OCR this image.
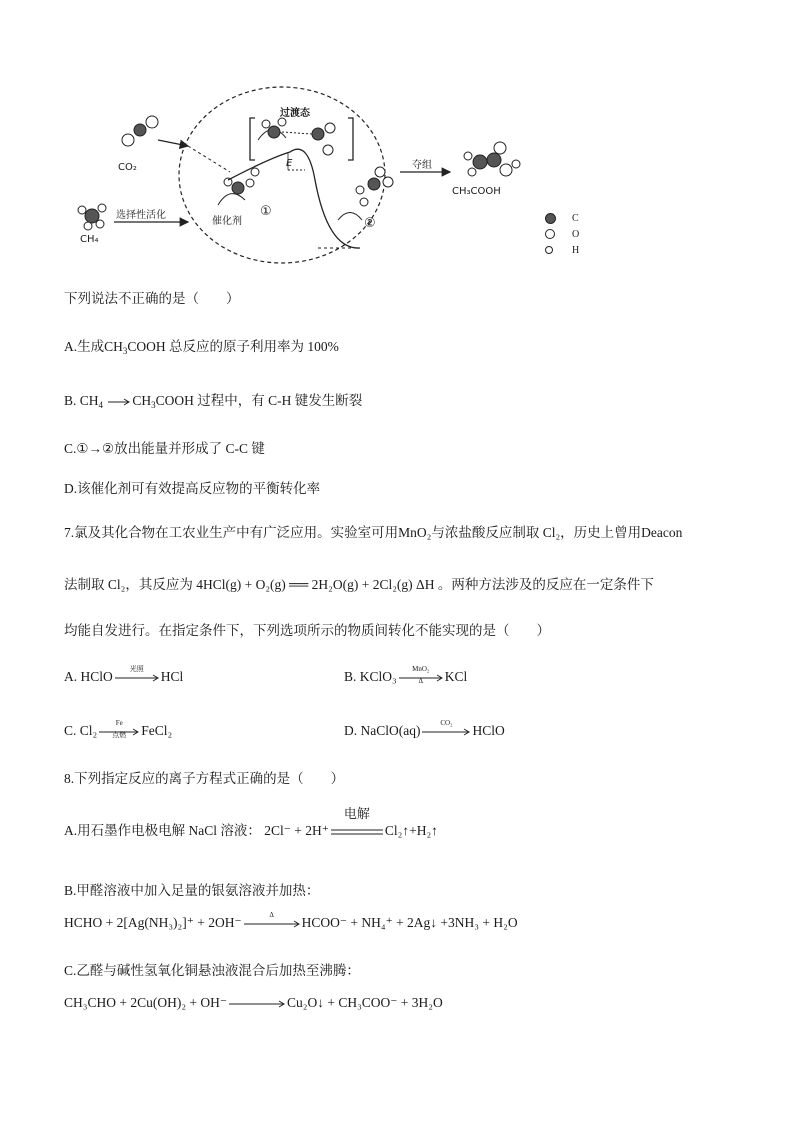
CO₂
CH₄
选择性活化
过渡态
催化剂
E
①
②
夺组
CH₃COOH
C
O
H
下列说法不正确的是（　　）
A.生成$CH_3COOH$ 总反应的原子利用率为 100%
B. $CH_4$ $CH_3COOH$ 过程中，有 C-H 键发生断裂
C.①→②放出能量并形成了 C-C 键
D.该催化剂可有效提高反应物的平衡转化率
7.氯及其化合物在工农业生产中有广泛应用。实验室可用MnO₂与浓盐酸反应制取 Cl₂，历史上曾用Deacon
法制取 Cl₂，其反应为 4HCl(g) + O₂(g) ══ 2H₂O(g) + 2Cl₂(g) ΔH 。两种方法涉及的反应在一定条件下
均能自发进行。在指定条件下，下列选项所示的物质间转化不能实现的是（　　）
A. HClO
光照
HCl	B. KClO₃
MnO₂
Δ	KCl
C. Cl₂
Fe
点燃	FeCl₂	D. NaClO(aq)
CO₂
HClO
8.下列指定反应的离子方程式正确的是（　　）
A.用石墨作电极电解 NaCl 溶液： 2Cl⁻ + 2H⁺
电解
Cl₂↑+H₂↑
B.甲醛溶液中加入足量的银氨溶液并加热：
HCHO + 2[Ag(NH₃)₂]⁺ + 2OH⁻
Δ
HCOO⁻ + NH₄⁺ + 2Ag↓ +3NH₃ + H₂O
C.乙醛与碱性氢氧化铜悬浊液混合后加热至沸腾：
CH₃CHO + 2Cu(OH)₂ + OH⁻	Cu₂O↓ + CH₃COO⁻ + 3H₂O
